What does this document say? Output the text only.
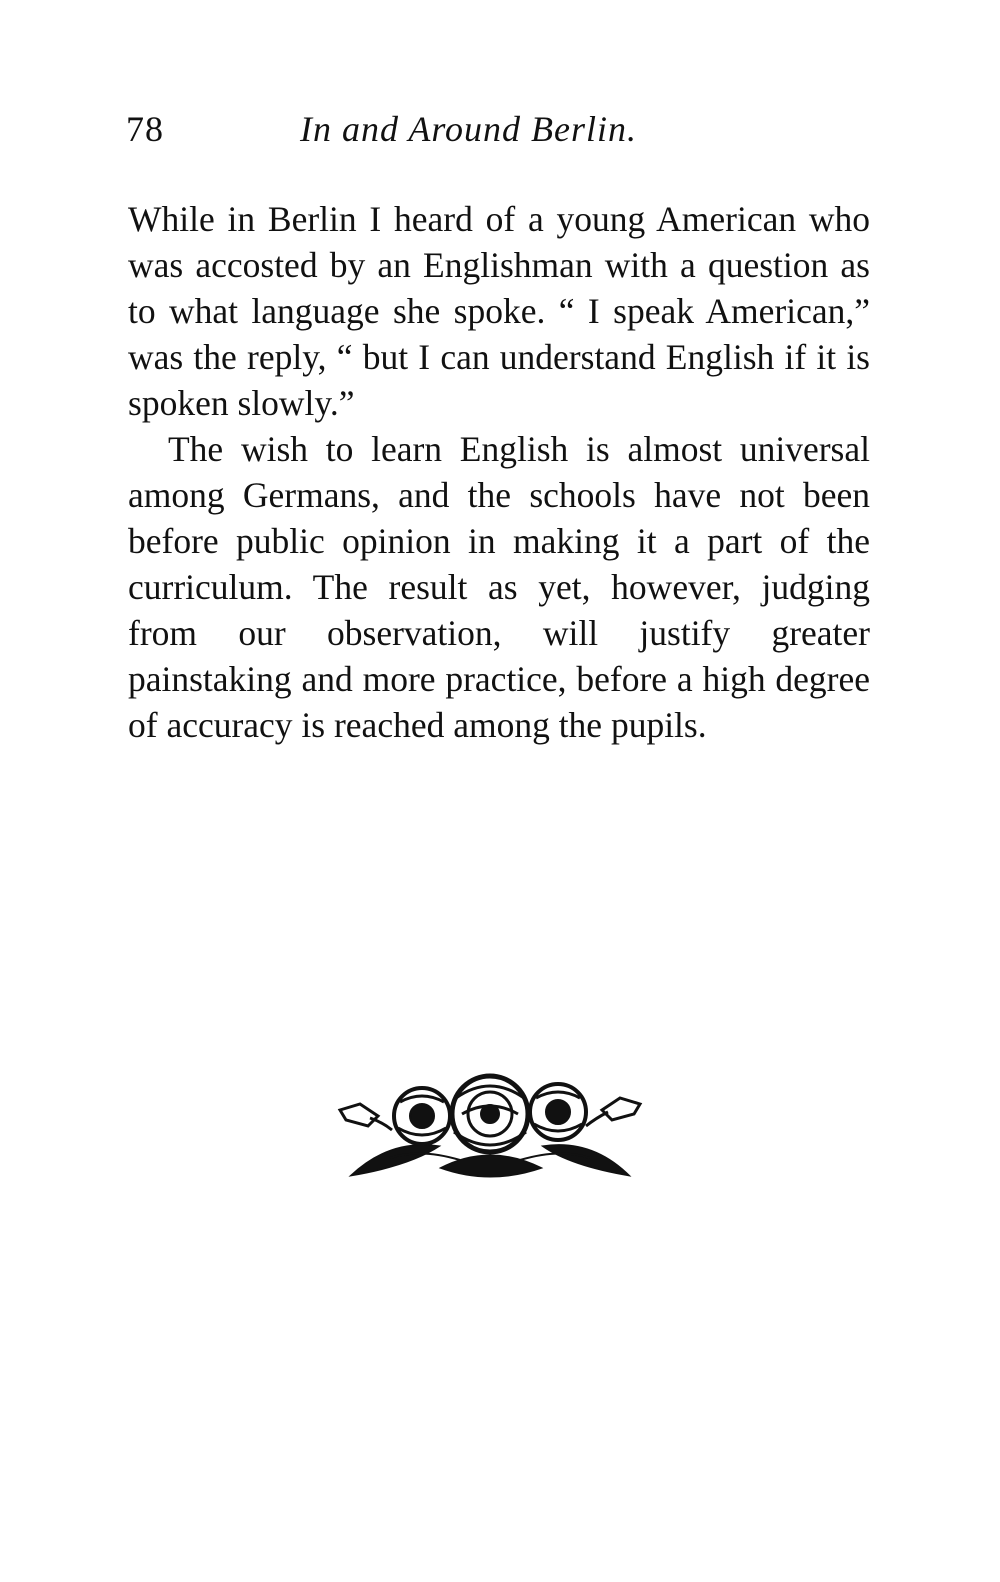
78	In and Around Berlin.

While in Berlin I heard of a young American who was accosted by an Englishman with a question as to what language she spoke. “ I speak American,” was the reply, “ but I can understand English if it is spoken slowly.”

The wish to learn English is almost universal among Germans, and the schools have not been before public opinion in making it a part of the curriculum. The result as yet, however, judging from our observation, will justify greater painstaking and more practice, before a high degree of accuracy is reached among the pupils.
